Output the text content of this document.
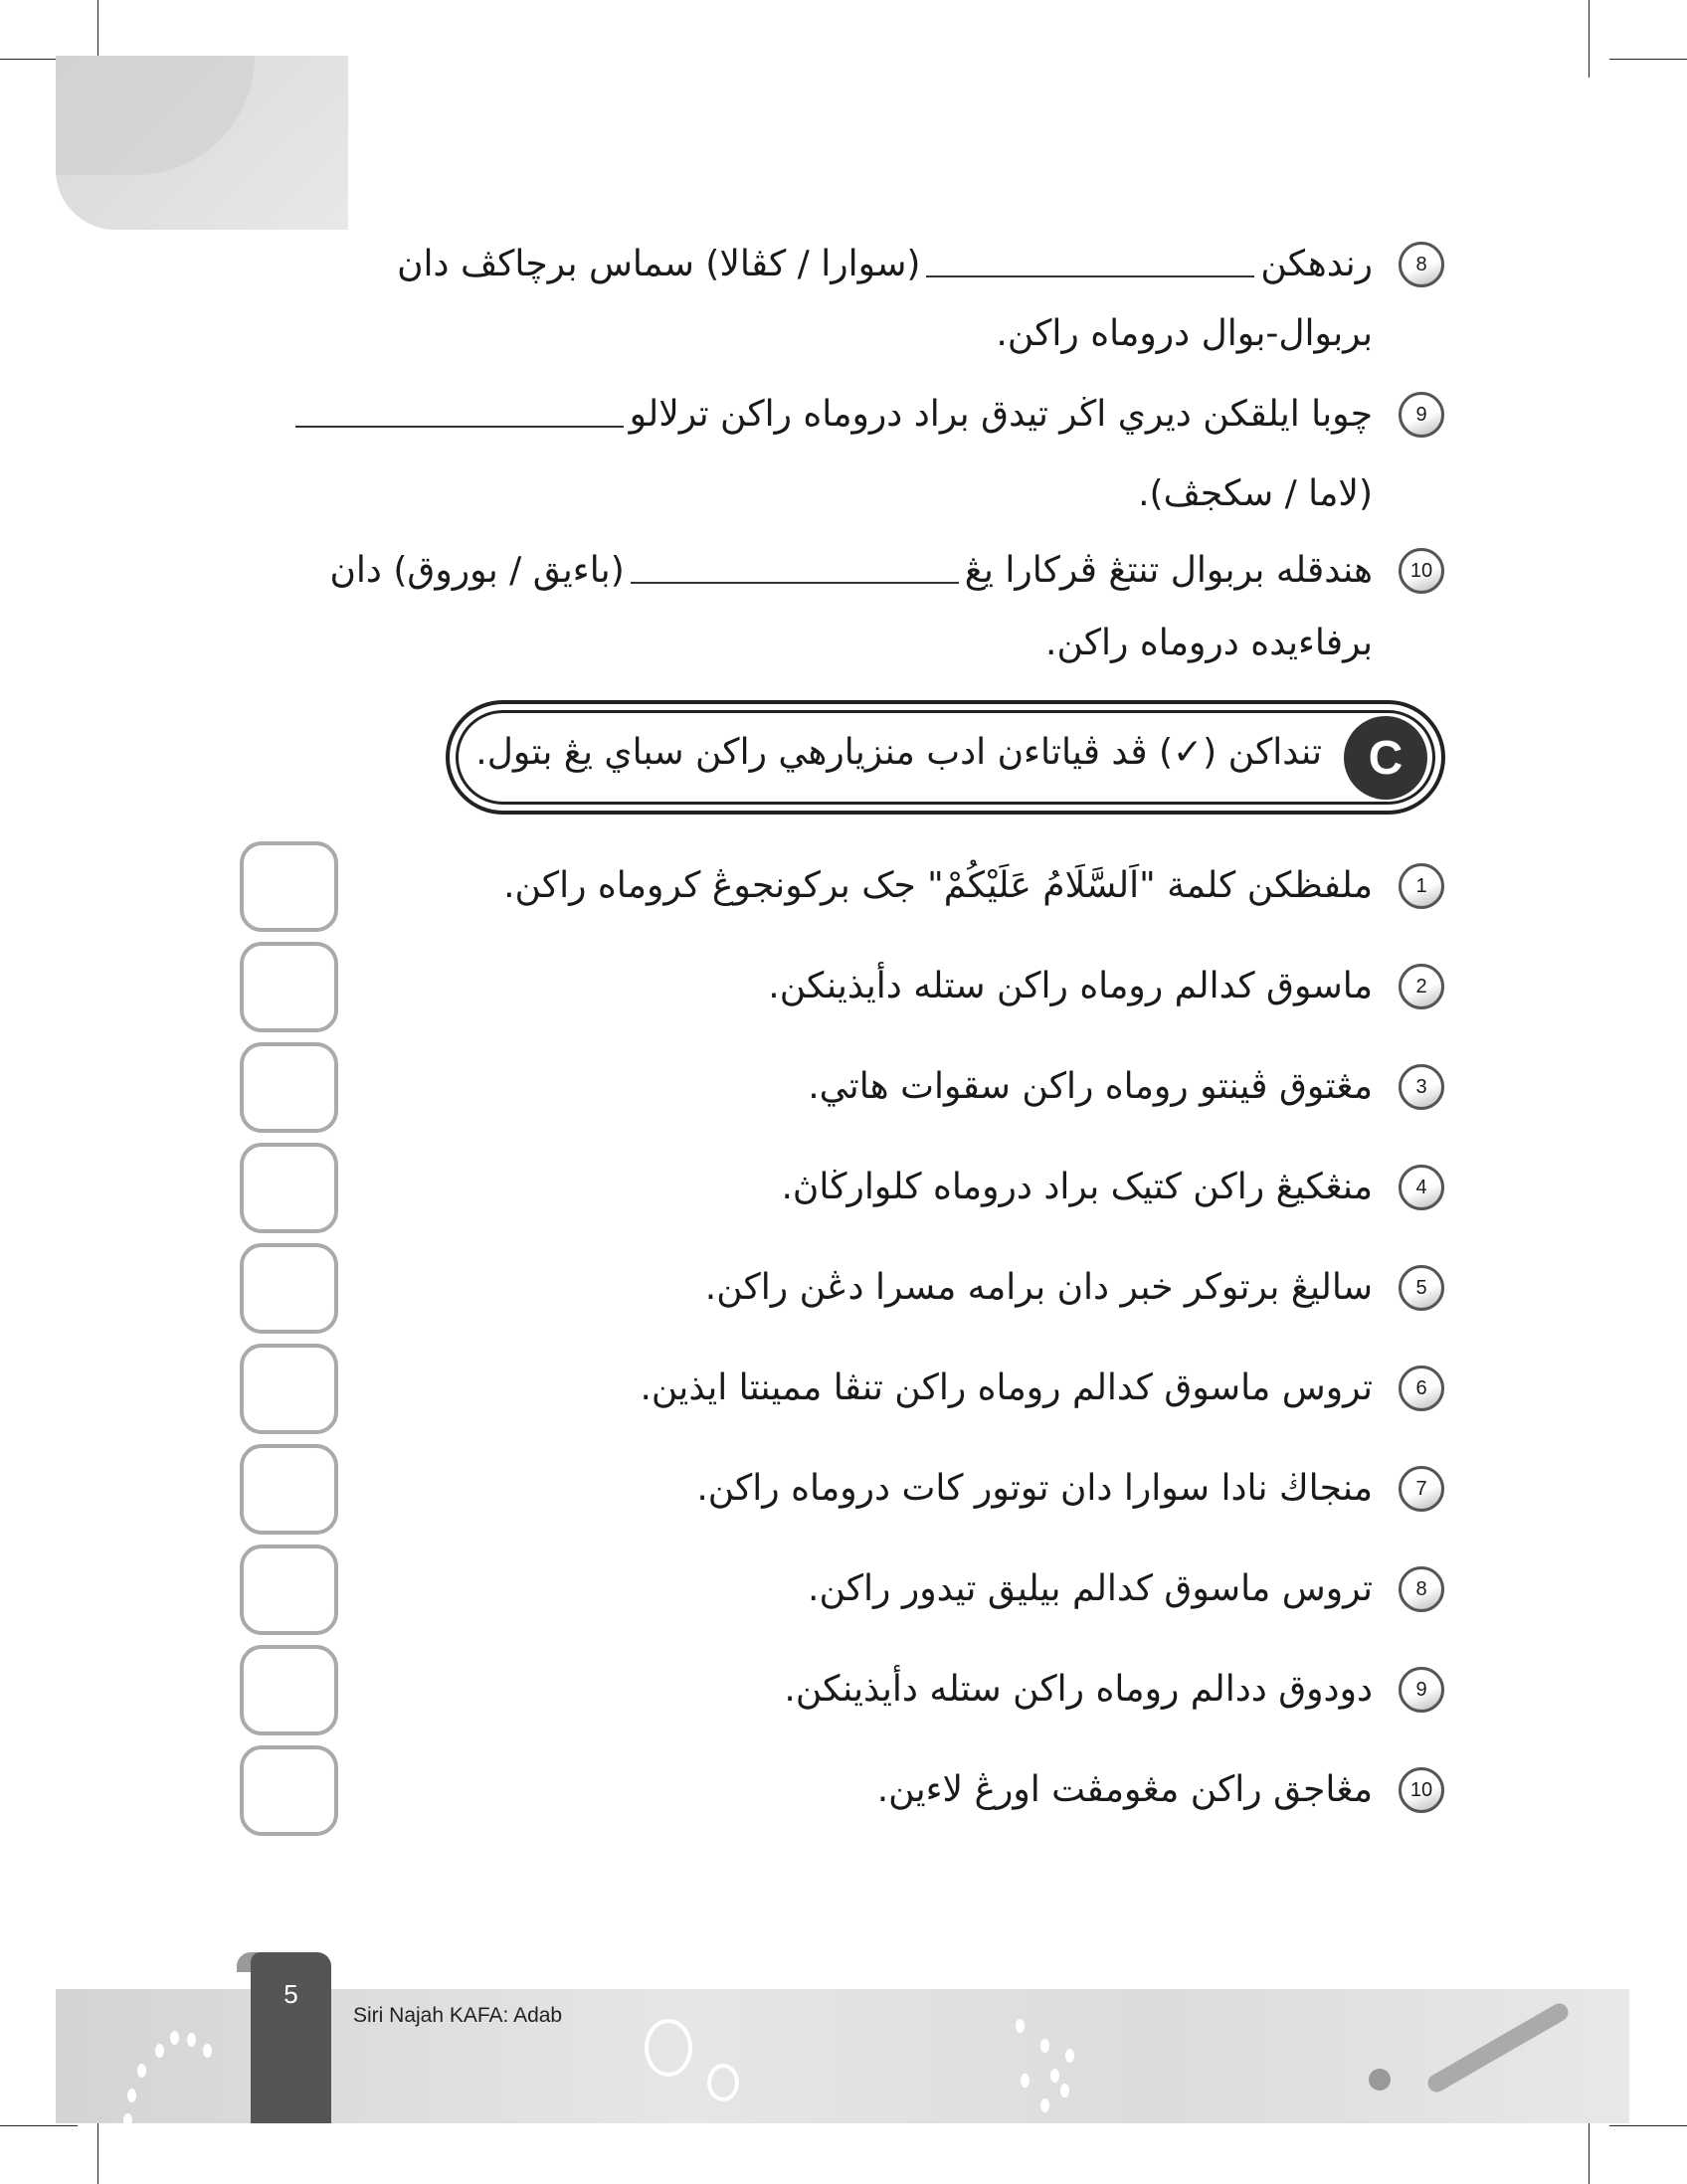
8
رندهکن(سوارا / کڤالا) سماس برچاکڤ دان
بربوال-بوال دروماه راکن.
9
چوبا ايلقکن ديري اڬر تيدق براد دروماه راکن ترلالو
(لاما / سکجڤ).
10
هندقله بربوال تنتڠ ڤرکارا يڠ(باءيق / بوروق) دان
برفاءيده دروماه راکن.
C
تنداکن (✓) ڤد ڤياتاءن ادب منزيارهي راکن سباي يڠ بتول.
1
ملفظکن کلمة "اَلسَّلَامُ عَلَيْكُمْ" جک برکونجوڠ کروماه راکن.
2
ماسوق کدالم روماه راکن ستله دأيذينکن.
3
مڠتوق ڤينتو روماه راکن سقوات هاتي.
4
منڠکيڠ راکن کتيک براد دروماه کلوارڬاڽ.
5
ساليڠ برتوکر خبر دان برامه مسرا دڠن راکن.
6
تروس ماسوق کدالم روماه راکن تنڤا ممينتا ايذين.
7
منجاڬ نادا سوارا دان توتور کات دروماه راکن.
8
تروس ماسوق کدالم بيليق تيدور راکن.
9
دودوق ددالم روماه راکن ستله دأيذينکن.
10
مڠاجق راکن مڠومڤت اورڠ لاءين.
5
Siri Najah KAFA: Adab
